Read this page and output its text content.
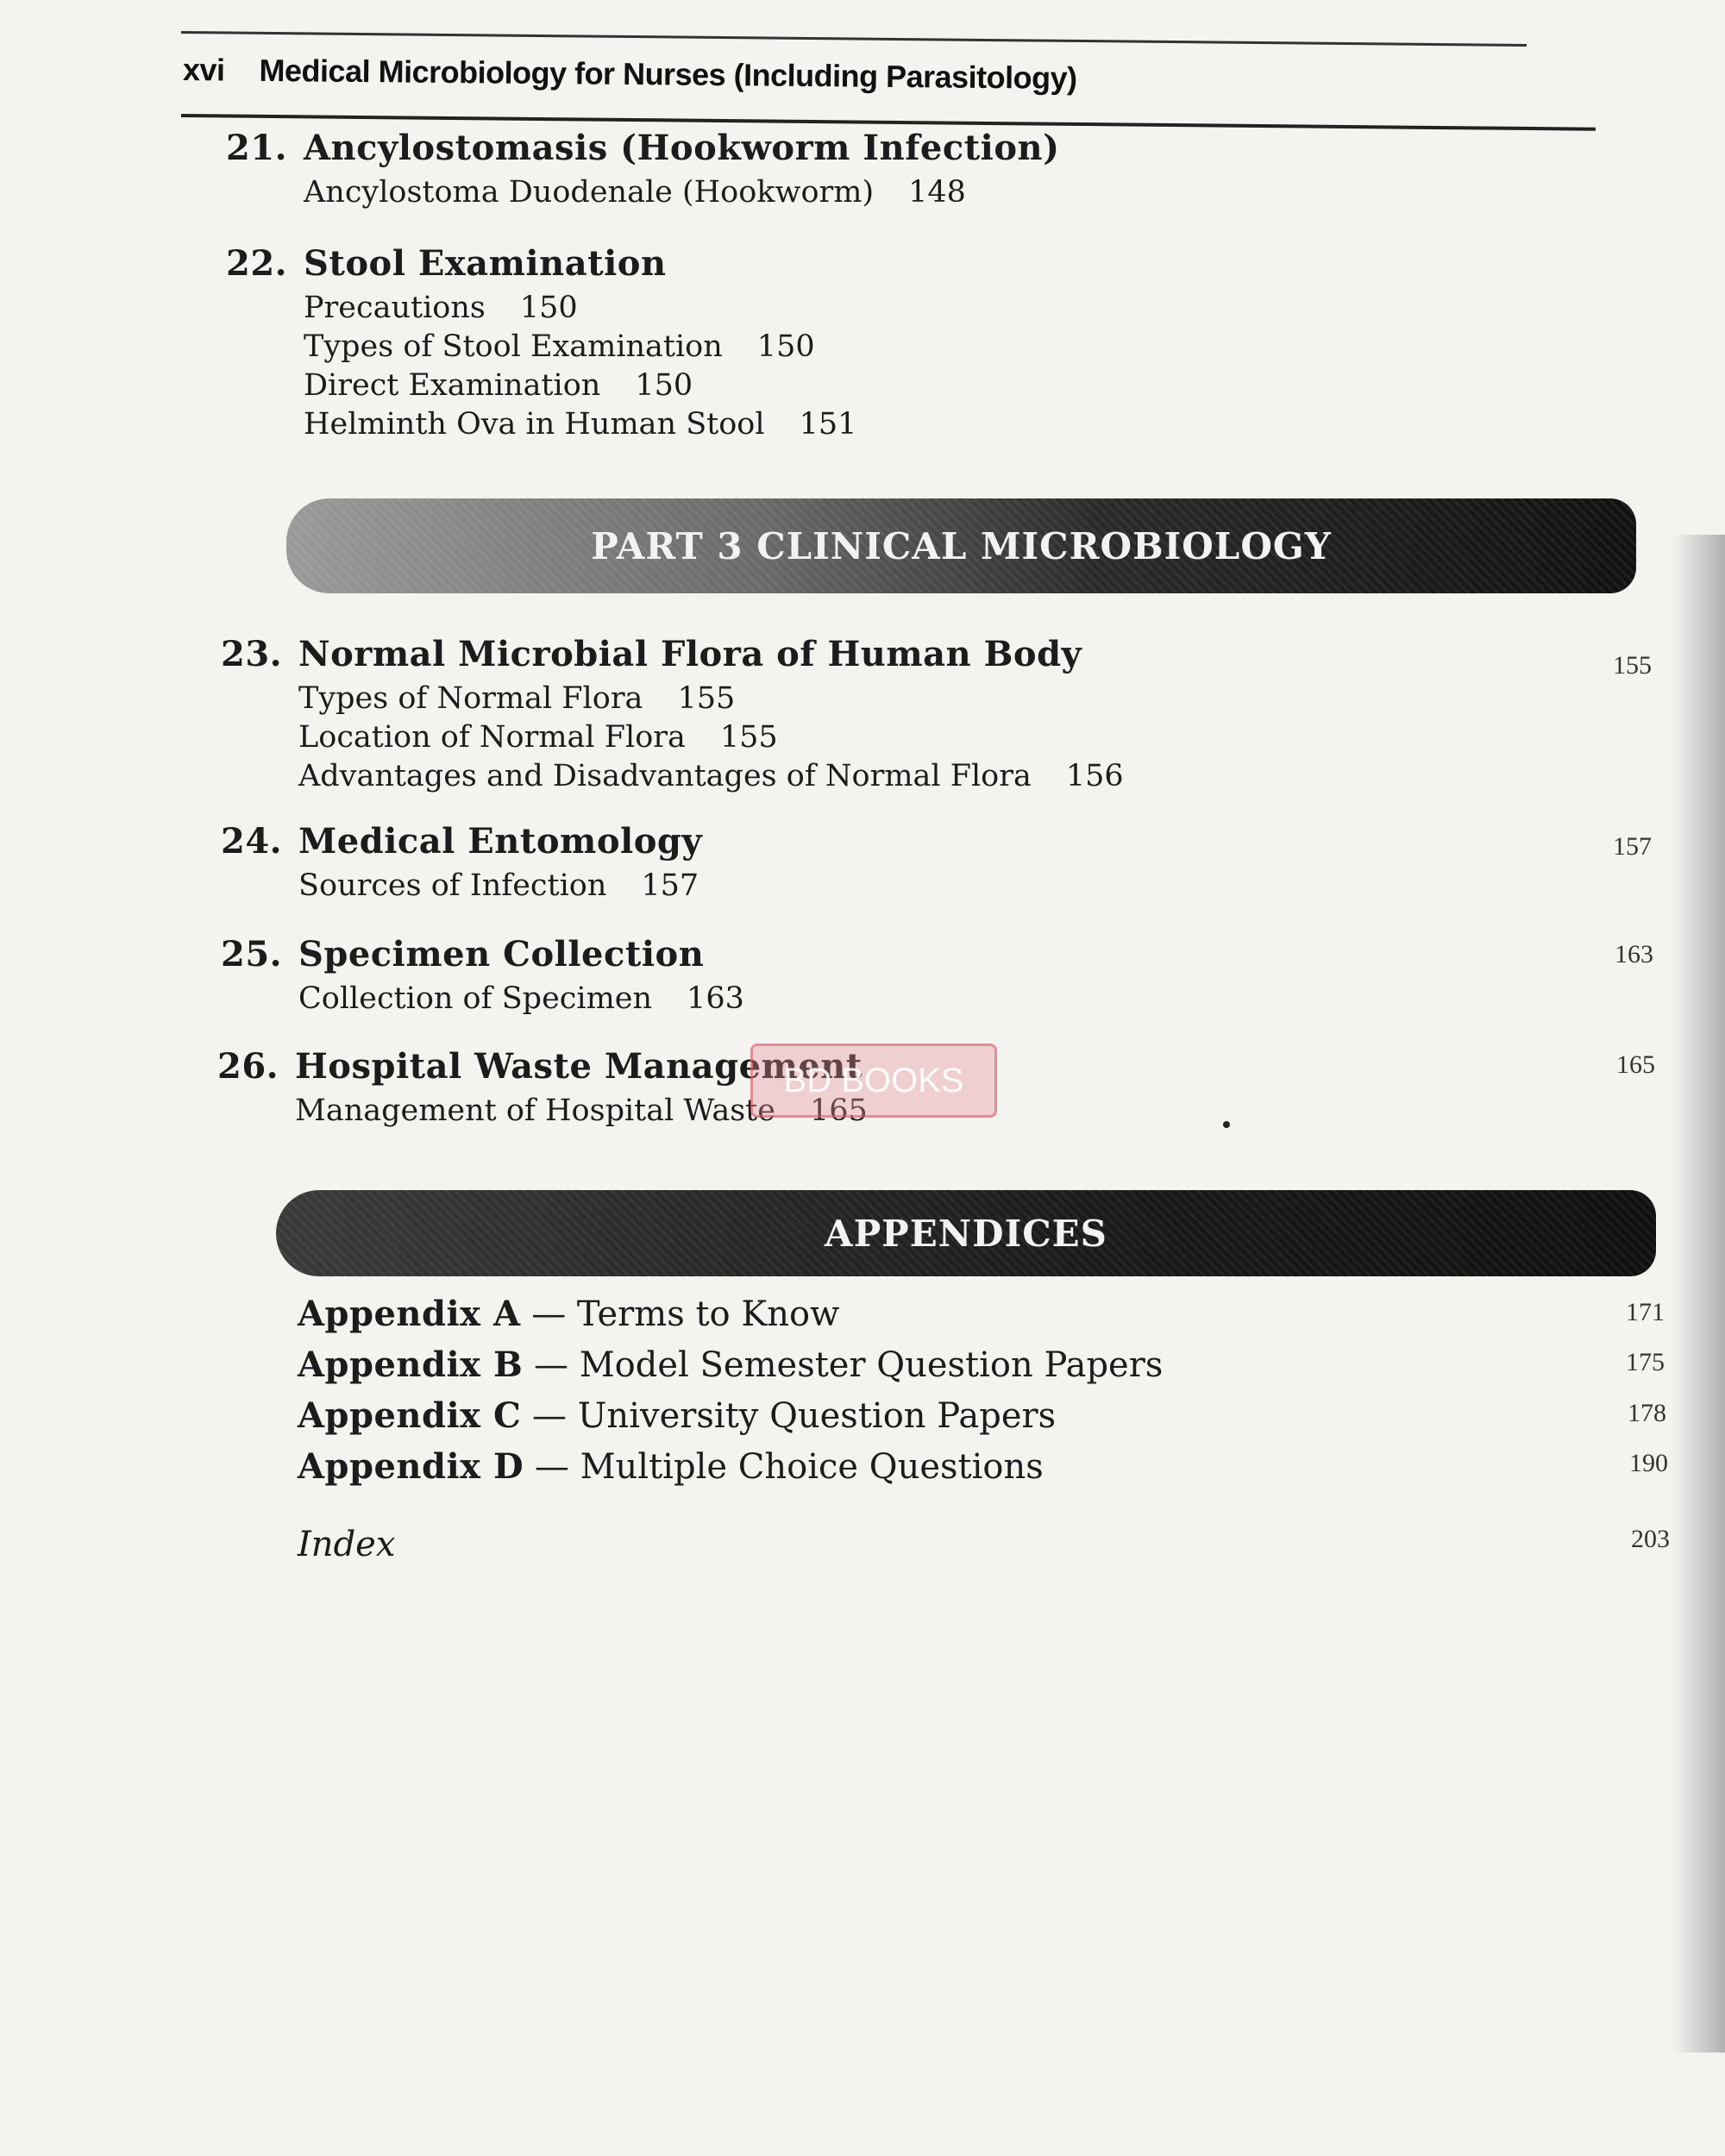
xvi Medical Microbiology for Nurses (Including Parasitology)
21. Ancylostomasis (Hookworm Infection)
Ancylostoma Duodenale (Hookworm) 148
22. Stool Examination
Precautions 150
Types of Stool Examination 150
Direct Examination 150
Helminth Ova in Human Stool 151
PART 3 CLINICAL MICROBIOLOGY
23. Normal Microbial Flora of Human Body
Types of Normal Flora 155
Location of Normal Flora 155
Advantages and Disadvantages of Normal Flora 156
155
24. Medical Entomology
Sources of Infection 157
157
25. Specimen Collection
Collection of Specimen 163
163
26. Hospital Waste Management
Management of Hospital Waste 165
165
BD BOOKS
APPENDICES
Appendix A — Terms to Know
Appendix B — Model Semester Question Papers
Appendix C — University Question Papers
Appendix D — Multiple Choice Questions
171
175
178
190
Index	203
